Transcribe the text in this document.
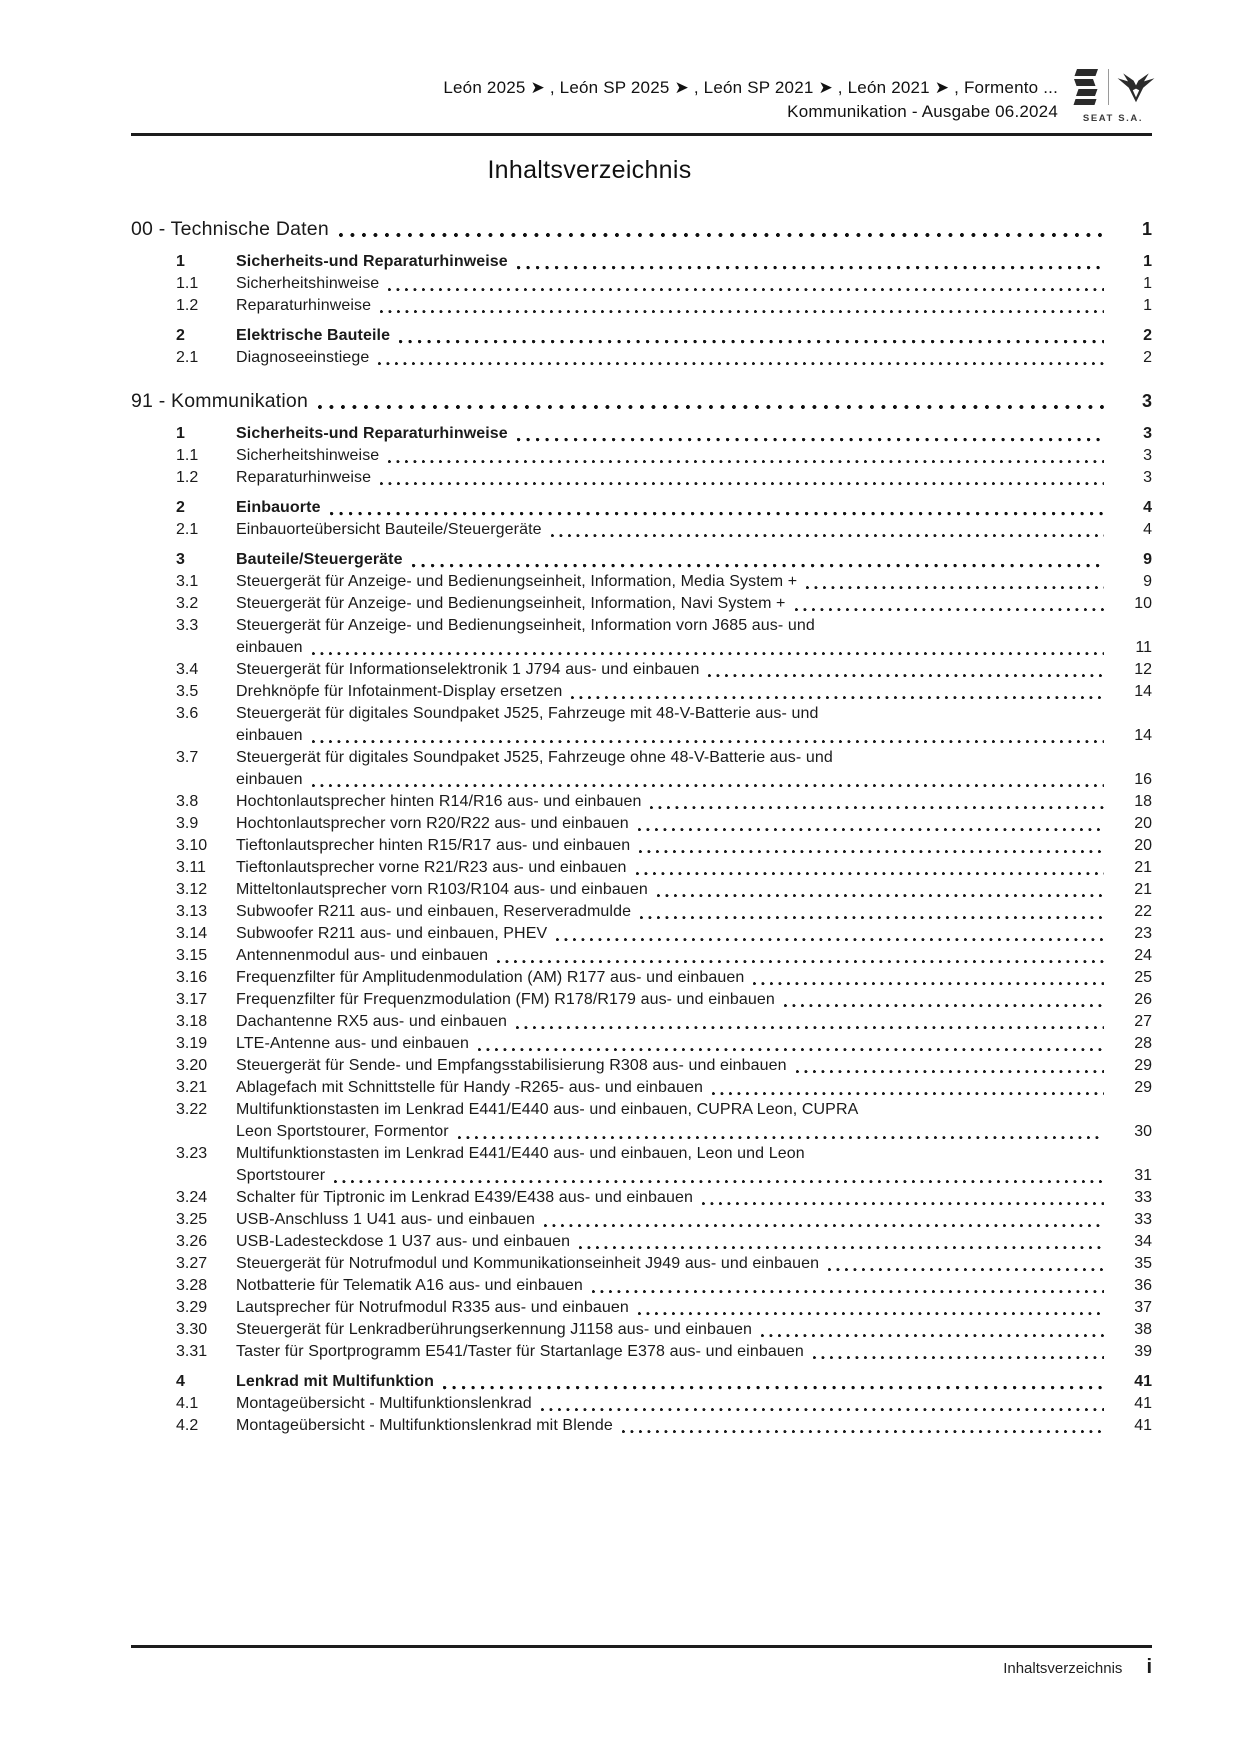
León 2025 ➤ , León SP 2025 ➤ , León SP 2021 ➤ , León 2021 ➤ , Formento ...
Kommunikation - Ausgabe 06.2024	SEAT S.A.
Inhaltsverzeichnis
00 - Technische Daten	1
1	Sicherheits-und Reparaturhinweise	1
1.1	Sicherheitshinweise	1
1.2	Reparaturhinweise	1
2	Elektrische Bauteile	2
2.1	Diagnoseeinstiege	2
91 - Kommunikation	3
1	Sicherheits-und Reparaturhinweise	3
1.1	Sicherheitshinweise	3
1.2	Reparaturhinweise	3
2	Einbauorte	4
2.1	Einbauorteübersicht Bauteile/Steuergeräte	4
3	Bauteile/Steuergeräte	9
3.1	Steuergerät für Anzeige- und Bedienungseinheit, Information, Media System +	9
3.2	Steuergerät für Anzeige- und Bedienungseinheit, Information, Navi System +	10
3.3	Steuergerät für Anzeige- und Bedienungseinheit, Information vorn J685 aus- und
einbauen	11
3.4	Steuergerät für Informationselektronik 1 J794 aus- und einbauen	12
3.5	Drehknöpfe für Infotainment-Display ersetzen	14
3.6	Steuergerät für digitales Soundpaket J525, Fahrzeuge mit 48-V-Batterie aus- und
einbauen	14
3.7	Steuergerät für digitales Soundpaket J525, Fahrzeuge ohne 48-V-Batterie aus- und
einbauen	16
3.8	Hochtonlautsprecher hinten R14/R16 aus- und einbauen	18
3.9	Hochtonlautsprecher vorn R20/R22 aus- und einbauen	20
3.10	Tieftonlautsprecher hinten R15/R17 aus- und einbauen	20
3.11	Tieftonlautsprecher vorne R21/R23 aus- und einbauen	21
3.12	Mitteltonlautsprecher vorn R103/R104 aus- und einbauen	21
3.13	Subwoofer R211 aus- und einbauen, Reserveradmulde	22
3.14	Subwoofer R211 aus- und einbauen, PHEV	23
3.15	Antennenmodul aus- und einbauen	24
3.16	Frequenzfilter für Amplitudenmodulation (AM) R177 aus- und einbauen	25
3.17	Frequenzfilter für Frequenzmodulation (FM) R178/R179 aus- und einbauen	26
3.18	Dachantenne RX5 aus- und einbauen	27
3.19	LTE-Antenne aus- und einbauen	28
3.20	Steuergerät für Sende- und Empfangsstabilisierung R308 aus- und einbauen	29
3.21	Ablagefach mit Schnittstelle für Handy -R265- aus- und einbauen	29
3.22	Multifunktionstasten im Lenkrad E441/E440 aus- und einbauen, CUPRA Leon, CUPRA
Leon Sportstourer, Formentor	30
3.23	Multifunktionstasten im Lenkrad E441/E440 aus- und einbauen, Leon und Leon
Sportstourer	31
3.24	Schalter für Tiptronic im Lenkrad E439/E438 aus- und einbauen	33
3.25	USB-Anschluss 1 U41 aus- und einbauen	33
3.26	USB-Ladesteckdose 1 U37 aus- und einbauen	34
3.27	Steuergerät für Notrufmodul und Kommunikationseinheit J949 aus- und einbauen	35
3.28	Notbatterie für Telematik A16 aus- und einbauen	36
3.29	Lautsprecher für Notrufmodul R335 aus- und einbauen	37
3.30	Steuergerät für Lenkradberührungserkennung J1158 aus- und einbauen	38
3.31	Taster für Sportprogramm E541/Taster für Startanlage E378 aus- und einbauen	39
4	Lenkrad mit Multifunktion	41
4.1	Montageübersicht - Multifunktionslenkrad	41
4.2	Montageübersicht - Multifunktionslenkrad mit Blende	41
Inhaltsverzeichnis i
